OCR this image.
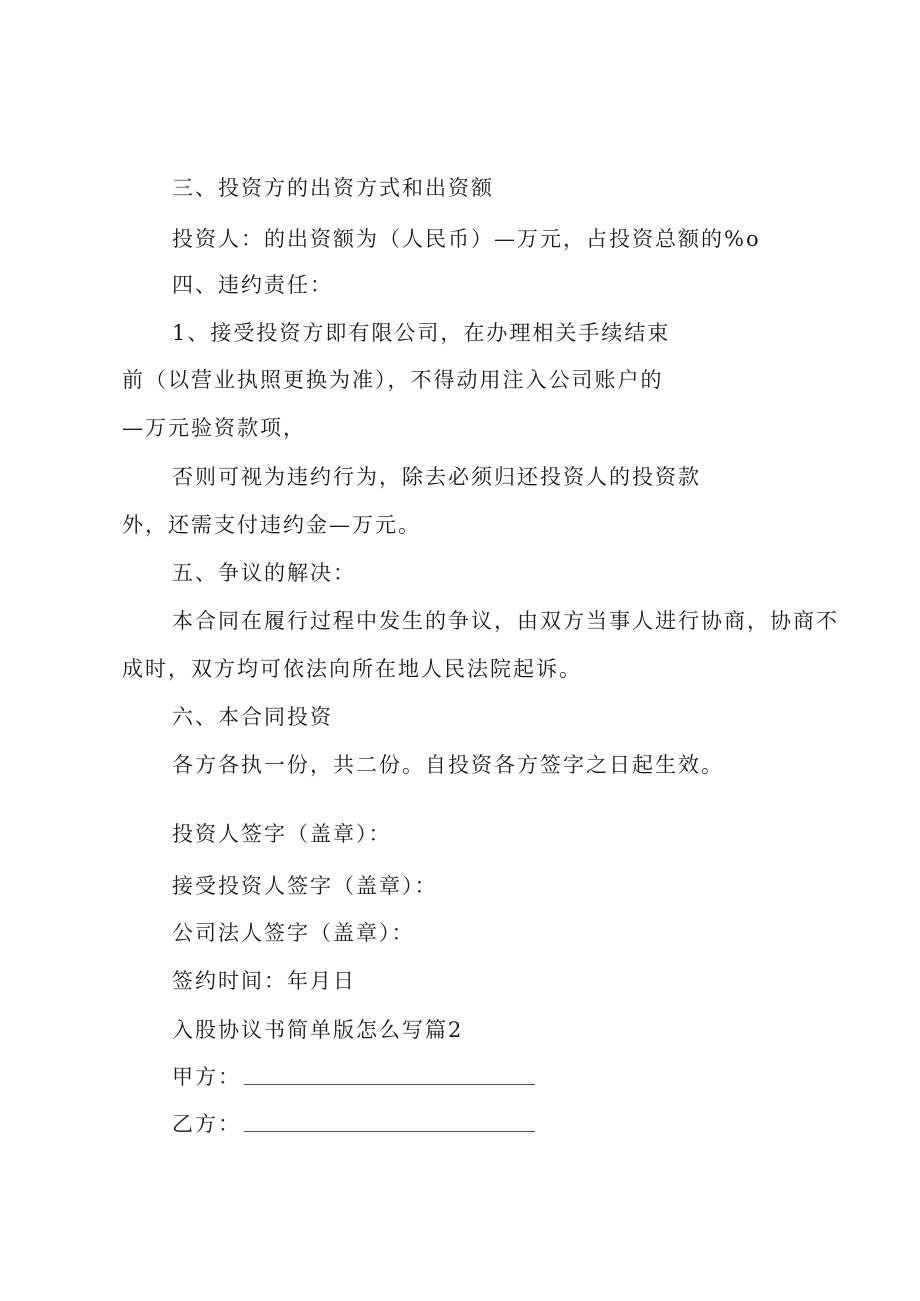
三、投资方的出资方式和出资额
投资人：的出资额为（人民币）—万元，占投资总额的%o
四、违约责任：
1、接受投资方即有限公司，在办理相关手续结束
前（以营业执照更换为准），不得动用注入公司账户的
—万元验资款项，
否则可视为违约行为，除去必须归还投资人的投资款
外，还需支付违约金—万元。
五、争议的解决：
本合同在履行过程中发生的争议，由双方当事人进行协商，协商不
成时，双方均可依法向所在地人民法院起诉。
六、本合同投资
各方各执一份，共二份。自投资各方签字之日起生效。
投资人签字（盖章）：
接受投资人签字（盖章）：
公司法人签字（盖章）：
签约时间：年月日
入股协议书简单版怎么写篇2
甲方：
乙方：
